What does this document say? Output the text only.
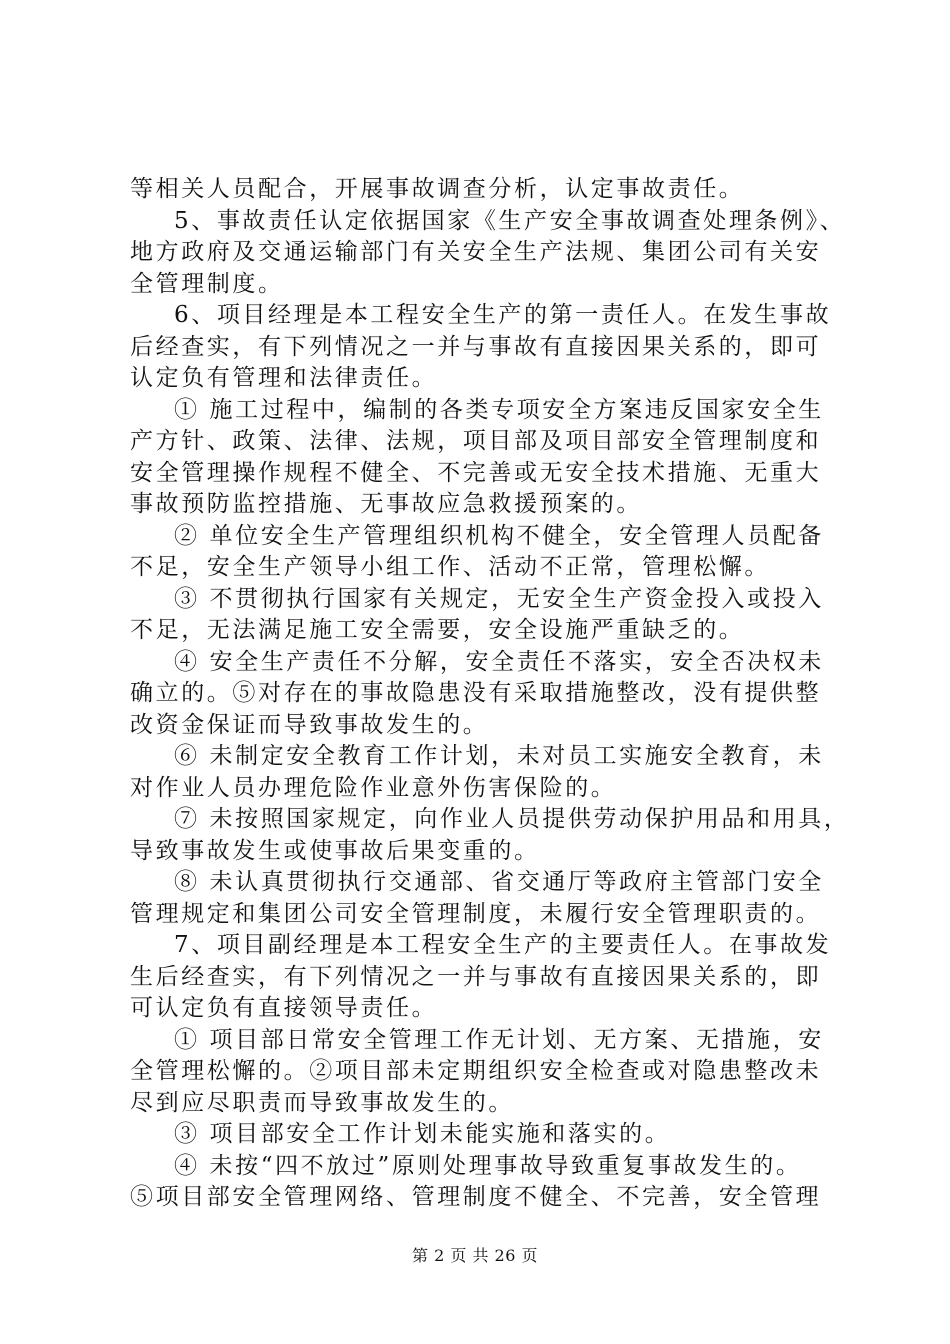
等相关人员配合，开展事故调查分析，认定事故责任。
5、事故责任认定依据国家《生产安全事故调查处理条例》、
地方政府及交通运输部门有关安全生产法规、集团公司有关安
全管理制度。
6、项目经理是本工程安全生产的第一责任人。在发生事故
后经查实，有下列情况之一并与事故有直接因果关系的，即可
认定负有管理和法律责任。
① 施工过程中，编制的各类专项安全方案违反国家安全生
产方针、政策、法律、法规，项目部及项目部安全管理制度和
安全管理操作规程不健全、不完善或无安全技术措施、无重大
事故预防监控措施、无事故应急救援预案的。
② 单位安全生产管理组织机构不健全，安全管理人员配备
不足，安全生产领导小组工作、活动不正常，管理松懈。
③ 不贯彻执行国家有关规定，无安全生产资金投入或投入
不足，无法满足施工安全需要，安全设施严重缺乏的。
④ 安全生产责任不分解，安全责任不落实，安全否决权未
确立的。⑤对存在的事故隐患没有采取措施整改，没有提供整
改资金保证而导致事故发生的。
⑥ 未制定安全教育工作计划，未对员工实施安全教育，未
对作业人员办理危险作业意外伤害保险的。
⑦ 未按照国家规定，向作业人员提供劳动保护用品和用具，
导致事故发生或使事故后果变重的。
⑧ 未认真贯彻执行交通部、省交通厅等政府主管部门安全
管理规定和集团公司安全管理制度，未履行安全管理职责的。
7、项目副经理是本工程安全生产的主要责任人。在事故发
生后经查实，有下列情况之一并与事故有直接因果关系的，即
可认定负有直接领导责任。
① 项目部日常安全管理工作无计划、无方案、无措施，安
全管理松懈的。②项目部未定期组织安全检查或对隐患整改未
尽到应尽职责而导致事故发生的。
③ 项目部安全工作计划未能实施和落实的。
④ 未按“四不放过”原则处理事故导致重复事故发生的。
⑤项目部安全管理网络、管理制度不健全、不完善，安全管理
第 2 页 共 26 页
